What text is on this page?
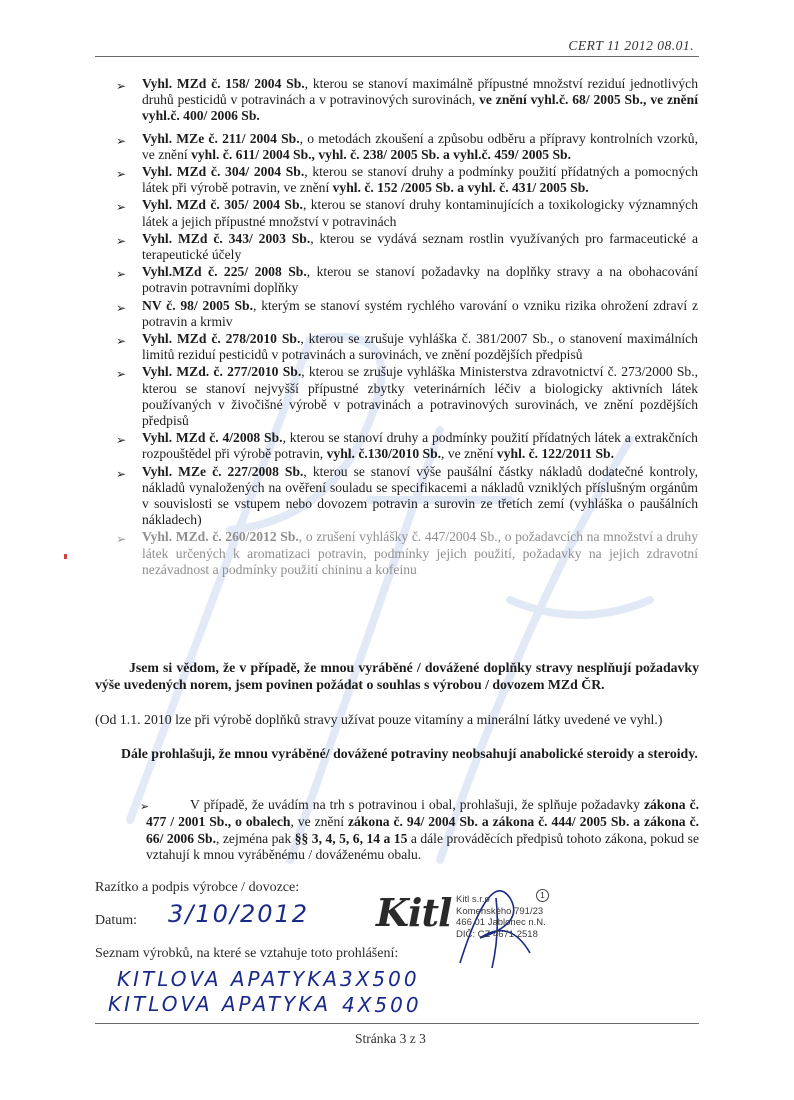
CERT 11 2012 08.01.
➢ Vyhl. MZd č. 158/ 2004 Sb., kterou se stanoví maximálně přípustné množství reziduí jednotlivých druhů pesticidů v potravinách a v potravinových surovinách, ve znění vyhl.č. 68/ 2005 Sb., ve znění vyhl.č. 400/ 2006 Sb.
➢ Vyhl. MZe č. 211/ 2004 Sb., o metodách zkoušení a způsobu odběru a přípravy kontrolních vzorků, ve znění vyhl. č. 611/ 2004 Sb., vyhl. č. 238/ 2005 Sb. a vyhl.č. 459/ 2005 Sb.
➢ Vyhl. MZd č. 304/ 2004 Sb., kterou se stanoví druhy a podmínky použití přídatných a pomocných látek při výrobě potravin, ve znění vyhl. č. 152 /2005 Sb. a vyhl. č. 431/ 2005 Sb.
➢ Vyhl. MZd č. 305/ 2004 Sb., kterou se stanoví druhy kontaminujících a toxikologicky významných látek a jejich přípustné množství v potravinách
➢ Vyhl. MZd č. 343/ 2003 Sb., kterou se vydává seznam rostlin využívaných pro farmaceutické a terapeutické účely
➢ Vyhl.MZd č. 225/ 2008 Sb., kterou se stanoví požadavky na doplňky stravy a na obohacování potravin potravními doplňky
➢ NV č. 98/ 2005 Sb., kterým se stanoví systém rychlého varování o vzniku rizika ohrožení zdraví z potravin a krmiv
➢ Vyhl. MZd č. 278/2010 Sb., kterou se zrušuje vyhláška č. 381/2007 Sb., o stanovení maximálních limitů reziduí pesticidů v potravinách a surovinách, ve znění pozdějších předpisů
➢ Vyhl. MZd. č. 277/2010 Sb., kterou se zrušuje vyhláška Ministerstva zdravotnictví č. 273/2000 Sb., kterou se stanoví nejvyšší přípustné zbytky veterinárních léčiv a biologicky aktivních látek používaných v živočišné výrobě v potravinách a potravinových surovinách, ve znění pozdějších předpisů
➢ Vyhl. MZd č. 4/2008 Sb., kterou se stanoví druhy a podmínky použití přídatných látek a extrakčních rozpouštědel při výrobě potravin, vyhl. č.130/2010 Sb., ve znění vyhl. č. 122/2011 Sb.
➢ Vyhl. MZe č. 227/2008 Sb., kterou se stanoví výše paušální částky nákladů dodatečné kontroly, nákladů vynaložených na ověření souladu se specifikacemi a nákladů vzniklých příslušným orgánům v souvislosti se vstupem nebo dovozem potravin a surovin ze třetích zemí (vyhláška o paušálních nákladech)
➢ Vyhl. MZd. č. 260/2012 Sb., o zrušení vyhlášky č. 447/2004 Sb., o požadavcích na množství a druhy látek určených k aromatizaci potravin, podmínky jejich použití, požadavky na jejich zdravotní nezávadnost a podmínky použití chininu a kofeinu
Jsem si vědom, že v případě, že mnou vyráběné / dovážené doplňky stravy nesplňují požadavky výše uvedených norem, jsem povinen požádat o souhlas s výrobou / dovozem MZd ČR.
(Od 1.1. 2010 lze při výrobě doplňků stravy užívat pouze vitamíny a minerální látky uvedené ve vyhl.)
Dále prohlašuji, že mnou vyráběné/ dovážené potraviny neobsahují anabolické steroidy a steroidy.
➢	V případě, že uvádím na trh s potravinou i obal, prohlašuji, že splňuje požadavky zákona č. 477 / 2001 Sb., o obalech, ve znění zákona č. 94/ 2004 Sb. a zákona č. 444/ 2005 Sb. a zákona č. 66/ 2006 Sb., zejména pak §§ 3, 4, 5, 6, 14 a 15 a dále prováděcích předpisů tohoto zákona, pokud se vztahují k mnou vyráběnému / dováženému obalu.
Razítko a podpis výrobce / dovozce:
Datum: 3/10/2012 Kitl Kitl s.r.o
Komenského 791/23
466 01 Jablonec n.N.
DIČ: CZ 4671 2518
1
Seznam výrobků, na které se vztahuje toto prohlášení:
KITLOVA APATYKA 3X500
KITLOVA APATYKA 4X500
Stránka 3 z 3
